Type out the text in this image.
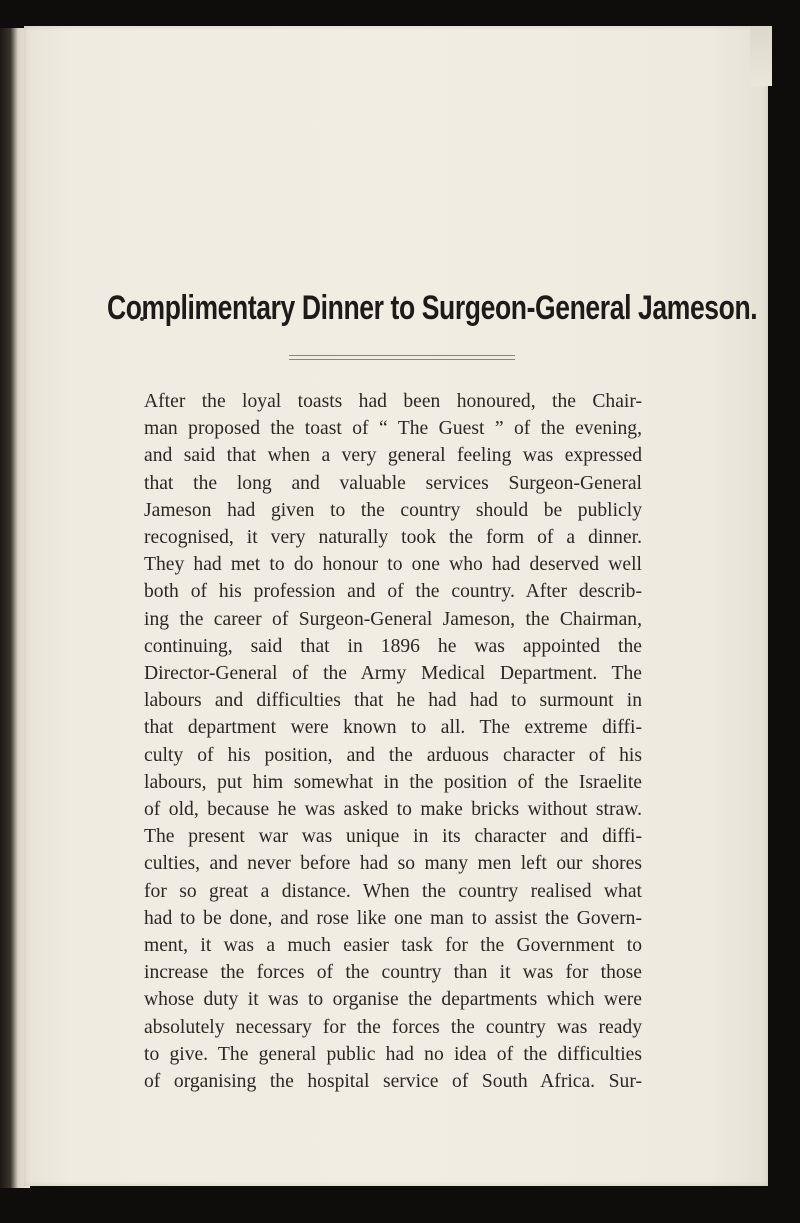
Complimentary Dinner to Surgeon-General Jameson.
After the loyal toasts had been honoured, the Chair-
man proposed the toast of “ The Guest ” of the evening,
and said that when a very general feeling was expressed
that the long and valuable services Surgeon-General
Jameson had given to the country should be publicly
recognised, it very naturally took the form of a dinner.
They had met to do honour to one who had deserved well
both of his profession and of the country. After describ-
ing the career of Surgeon-General Jameson, the Chairman,
continuing, said that in 1896 he was appointed the
Director-General of the Army Medical Department. The
labours and difficulties that he had had to surmount in
that department were known to all. The extreme diffi-
culty of his position, and the arduous character of his
labours, put him somewhat in the position of the Israelite
of old, because he was asked to make bricks without straw.
The present war was unique in its character and diffi-
culties, and never before had so many men left our shores
for so great a distance. When the country realised what
had to be done, and rose like one man to assist the Govern-
ment, it was a much easier task for the Government to
increase the forces of the country than it was for those
whose duty it was to organise the departments which were
absolutely necessary for the forces the country was ready
to give. The general public had no idea of the difficulties
of organising the hospital service of South Africa. Sur-
